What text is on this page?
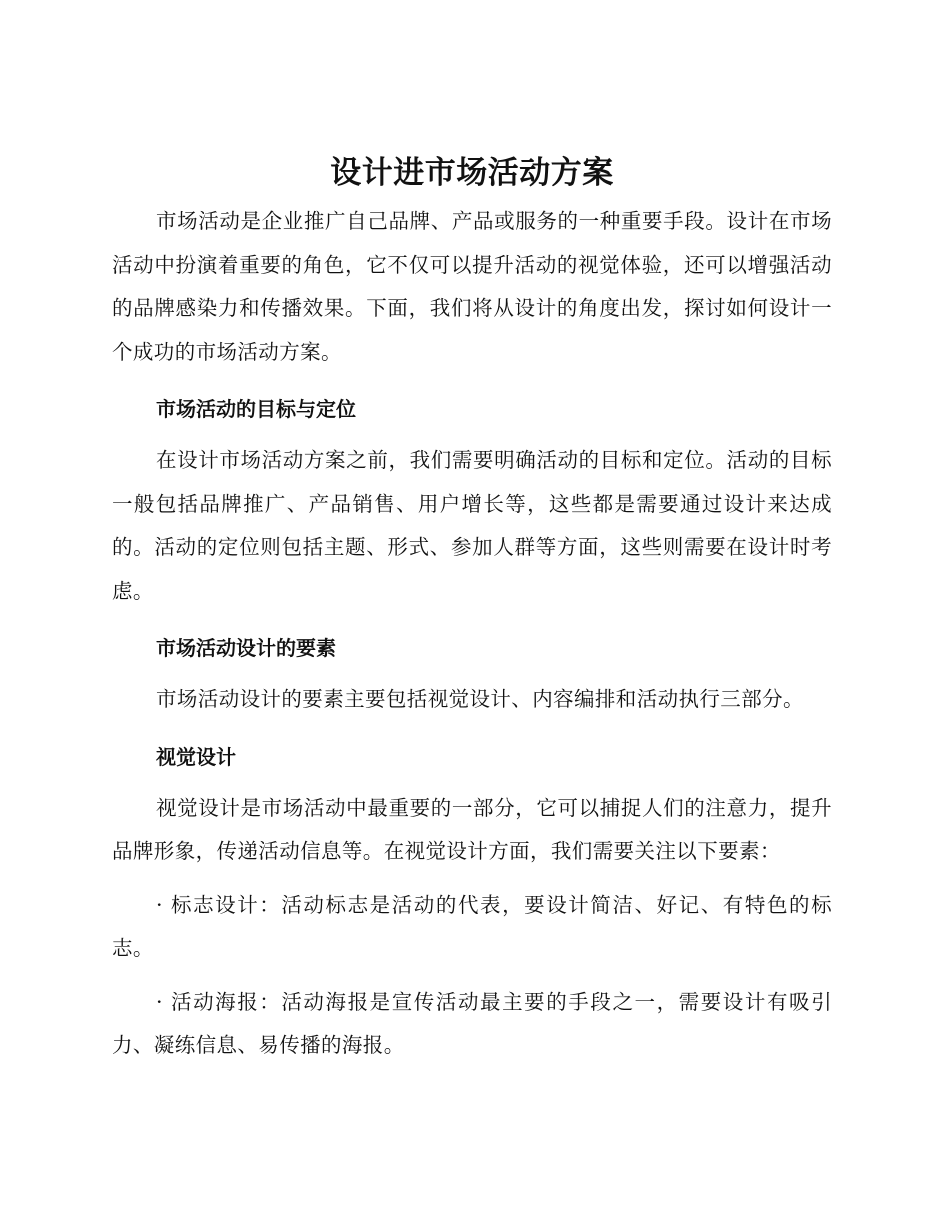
设计进市场活动方案

市场活动是企业推广自己品牌、产品或服务的一种重要手段。设计在市场活动中扮演着重要的角色，它不仅可以提升活动的视觉体验，还可以增强活动的品牌感染力和传播效果。下面，我们将从设计的角度出发，探讨如何设计一个成功的市场活动方案。

市场活动的目标与定位

在设计市场活动方案之前，我们需要明确活动的目标和定位。活动的目标一般包括品牌推广、产品销售、用户增长等，这些都是需要通过设计来达成的。活动的定位则包括主题、形式、参加人群等方面，这些则需要在设计时考虑。

市场活动设计的要素

市场活动设计的要素主要包括视觉设计、内容编排和活动执行三部分。

视觉设计

视觉设计是市场活动中最重要的一部分，它可以捕捉人们的注意力，提升品牌形象，传递活动信息等。在视觉设计方面，我们需要关注以下要素：

· 标志设计：活动标志是活动的代表，要设计简洁、好记、有特色的标志。

· 活动海报：活动海报是宣传活动最主要的手段之一，需要设计有吸引力、凝练信息、易传播的海报。
